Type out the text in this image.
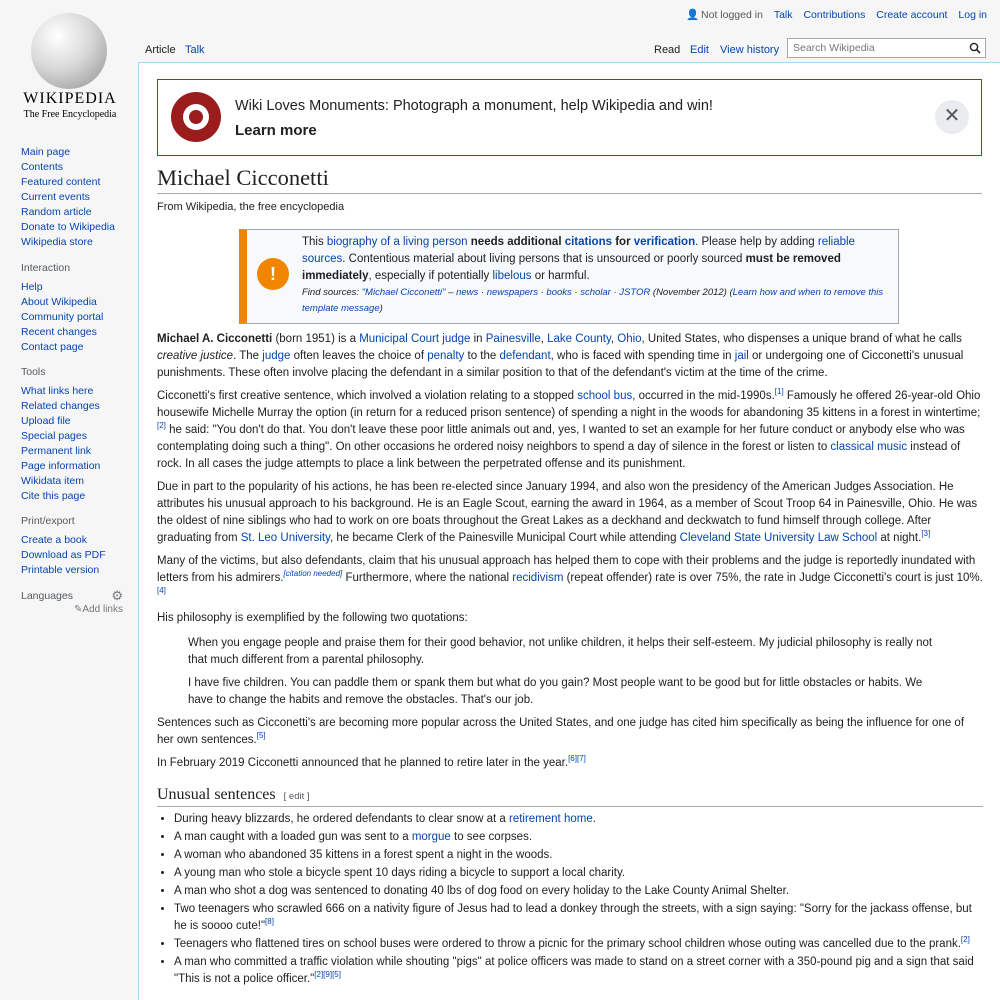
WIKIPEDIA
The Free Encyclopedia
Main page
Contents
Featured content
Current events
Random article
Donate to Wikipedia
Wikipedia store
Interaction
Help
About Wikipedia
Community portal
Recent changes
Contact page
Tools
What links here
Related changes
Upload file
Special pages
Permanent link
Page information
Wikidata item
Cite this page
Print/export
Create a book
Download as PDF
Printable version
Languages	⚙
✎Add links
👤 Not logged in Talk Contributions Create account Log in
Article Talk	Read Edit View history Search Wikipedia
Wiki Loves Monuments: Photograph a monument, help Wikipedia and win!
Learn more
✕
Michael Cicconetti
From Wikipedia, the free encyclopedia
!
This biography of a living person needs additional citations for verification. Please help by adding reliable sources. Contentious material about living persons that is unsourced or poorly sourced must be removed immediately, especially if potentially libelous or harmful.
Find sources: "Michael Cicconetti" – news · newspapers · books · scholar · JSTOR (November 2012) (Learn how and when to remove this template message)

Michael A. Cicconetti (born 1951) is a Municipal Court judge in Painesville, Lake County, Ohio, United States, who dispenses a unique brand of what he calls creative justice. The judge often leaves the choice of penalty to the defendant, who is faced with spending time in jail or undergoing one of Cicconetti's unusual punishments. These often involve placing the defendant in a similar position to that of the defendant's victim at the time of the crime.

Cicconetti's first creative sentence, which involved a violation relating to a stopped school bus, occurred in the mid-1990s.[1] Famously he offered 26-year-old Ohio housewife Michelle Murray the option (in return for a reduced prison sentence) of spending a night in the woods for abandoning 35 kittens in a forest in wintertime;[2] he said: "You don't do that. You don't leave these poor little animals out and, yes, I wanted to set an example for her future conduct or anybody else who was contemplating doing such a thing". On other occasions he ordered noisy neighbors to spend a day of silence in the forest or listen to classical music instead of rock. In all cases the judge attempts to place a link between the perpetrated offense and its punishment.

Due in part to the popularity of his actions, he has been re-elected since January 1994, and also won the presidency of the American Judges Association. He attributes his unusual approach to his background. He is an Eagle Scout, earning the award in 1964, as a member of Scout Troop 64 in Painesville, Ohio. He was the oldest of nine siblings who had to work on ore boats throughout the Great Lakes as a deckhand and deckwatch to fund himself through college. After graduating from St. Leo University, he became Clerk of the Painesville Municipal Court while attending Cleveland State University Law School at night.[3]

Many of the victims, but also defendants, claim that his unusual approach has helped them to cope with their problems and the judge is reportedly inundated with letters from his admirers.[citation needed] Furthermore, where the national recidivism (repeat offender) rate is over 75%, the rate in Judge Cicconetti's court is just 10%.[4]

His philosophy is exemplified by the following two quotations:

When you engage people and praise them for their good behavior, not unlike children, it helps their self-esteem. My judicial philosophy is really not that much different from a parental philosophy.

I have five children. You can paddle them or spank them but what do you gain? Most people want to be good but for little obstacles or habits. We have to change the habits and remove the obstacles. That's our job.

Sentences such as Cicconetti's are becoming more popular across the United States, and one judge has cited him specifically as being the influence for one of her own sentences.[5]

In February 2019 Cicconetti announced that he planned to retire later in the year.[6][7]

Unusual sentences [ edit ]
• During heavy blizzards, he ordered defendants to clear snow at a retirement home.
• A man caught with a loaded gun was sent to a morgue to see corpses.
• A woman who abandoned 35 kittens in a forest spent a night in the woods.
• A young man who stole a bicycle spent 10 days riding a bicycle to support a local charity.
• A man who shot a dog was sentenced to donating 40 lbs of dog food on every holiday to the Lake County Animal Shelter.
• Two teenagers who scrawled 666 on a nativity figure of Jesus had to lead a donkey through the streets, with a sign saying: "Sorry for the jackass offense, but he is soooo cute!"[8]
• Teenagers who flattened tires on school buses were ordered to throw a picnic for the primary school children whose outing was cancelled due to the prank.[2]
• A man who committed a traffic violation while shouting "pigs" at police officers was made to stand on a street corner with a 350-pound pig and a sign that said "This is not a police officer."[2][9][5]
